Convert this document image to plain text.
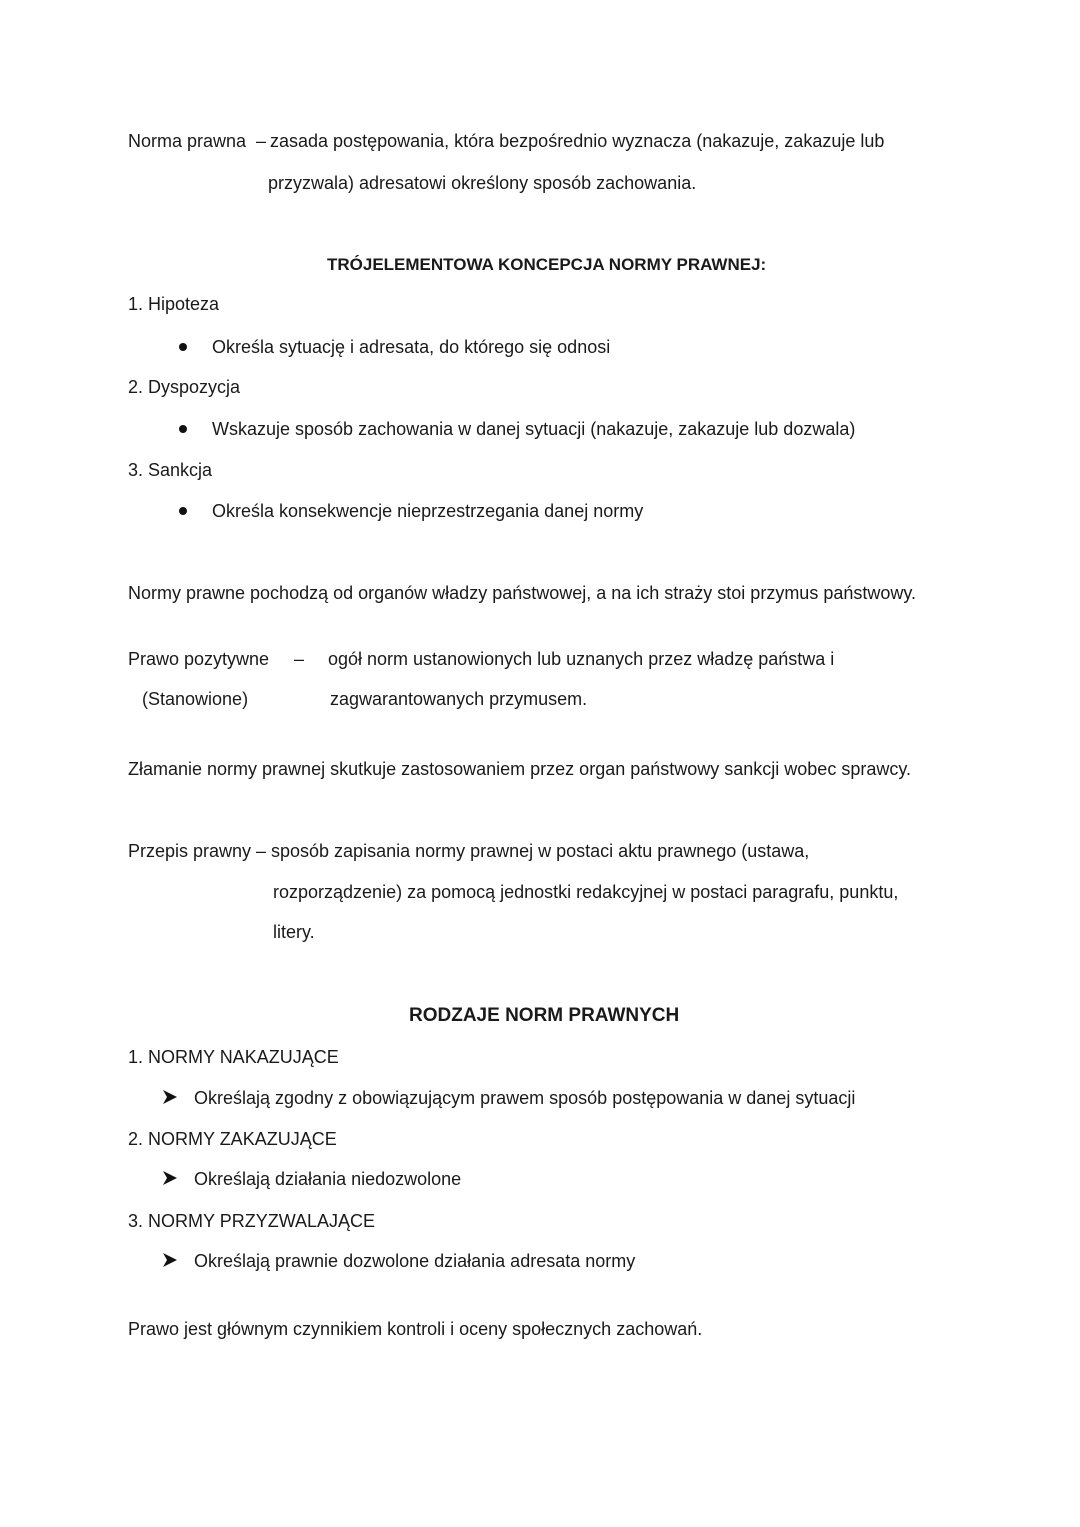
Norma prawna – zasada postępowania, która bezpośrednio wyznacza (nakazuje, zakazuje lub
przyzwala) adresatowi określony sposób zachowania.
TRÓJELEMENTOWA KONCEPCJA NORMY PRAWNEJ:
1. Hipoteza
Określa sytuację i adresata, do którego się odnosi
2. Dyspozycja
Wskazuje sposób zachowania w danej sytuacji (nakazuje, zakazuje lub dozwala)
3. Sankcja
Określa konsekwencje nieprzestrzegania danej normy
Normy prawne pochodzą od organów władzy państwowej, a na ich straży stoi przymus państwowy.
Prawo pozytywne – ogół norm ustanowionych lub uznanych przez władzę państwa i
(Stanowione)	zagwarantowanych przymusem.
Złamanie normy prawnej skutkuje zastosowaniem przez organ państwowy sankcji wobec sprawcy.
Przepis prawny – sposób zapisania normy prawnej w postaci aktu prawnego (ustawa,
rozporządzenie) za pomocą jednostki redakcyjnej w postaci paragrafu, punktu,
litery.
RODZAJE NORM PRAWNYCH
1. NORMY NAKAZUJĄCE
Określają zgodny z obowiązującym prawem sposób postępowania w danej sytuacji
2. NORMY ZAKAZUJĄCE
Określają działania niedozwolone
3. NORMY PRZYZWALAJĄCE
Określają prawnie dozwolone działania adresata normy
Prawo jest głównym czynnikiem kontroli i oceny społecznych zachowań.
